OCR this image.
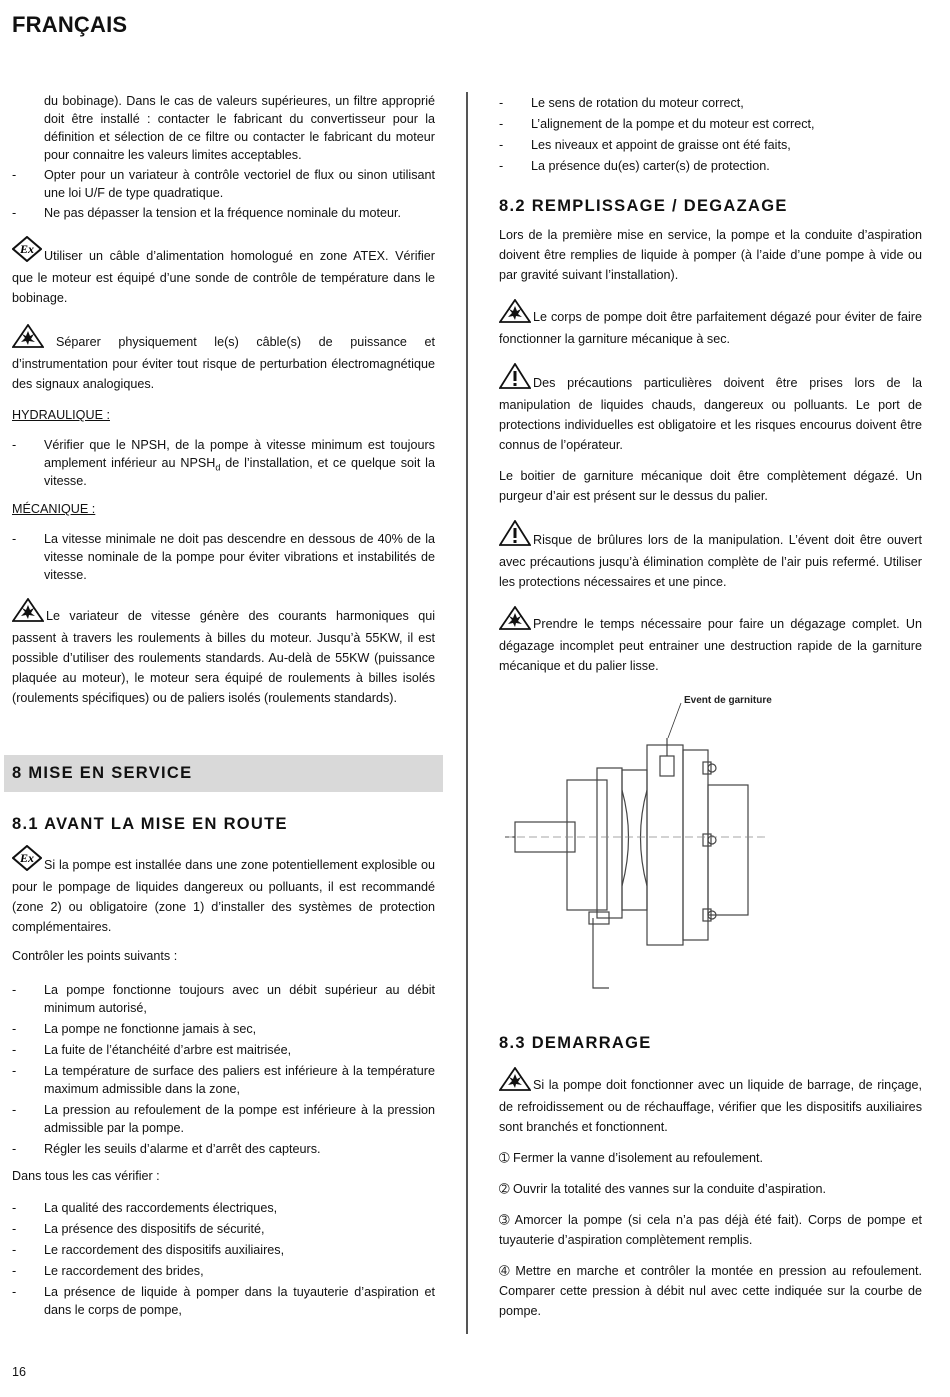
FRANÇAIS

du bobinage). Dans le cas de valeurs supérieures, un filtre approprié doit être installé : contacter le fabricant du convertisseur pour la définition et sélection de ce filtre ou contacter le fabricant du moteur pour connaitre les valeurs limites acceptables.

-	Opter pour un variateur à contrôle vectoriel de flux ou sinon utilisant une loi U/F de type quadratique.
-	Ne pas dépasser la tension et la fréquence nominale du moteur.

Ex Utiliser un câble d’alimentation homologué en zone ATEX. Vérifier que le moteur est équipé d’une sonde de contrôle de température dans le bobinage.

Séparer physiquement le(s) câble(s) de puissance et d’instrumentation pour éviter tout risque de perturbation électromagnétique des signaux analogiques.

HYDRAULIQUE :

-	Vérifier que le NPSH, de la pompe à vitesse minimum est toujours amplement inférieur au $NPSH_d$ de l’installation, et ce quelque soit la vitesse.

MÉCANIQUE :

-	La vitesse minimale ne doit pas descendre en dessous de 40% de la vitesse nominale de la pompe pour éviter vibrations et instabilités de vitesse.

Le variateur de vitesse génère des courants harmoniques qui passent à travers les roulements à billes du moteur. Jusqu’à 55KW, il est possible d’utiliser des roulements standards. Au-delà de 55KW (puissance plaquée au moteur), le moteur sera équipé de roulements à billes isolés (roulements spécifiques) ou de paliers isolés (roulements standards).

8 MISE EN SERVICE
8.1 AVANT LA MISE EN ROUTE

Ex Si la pompe est installée dans une zone potentiellement explosible ou pour le pompage de liquides dangereux ou polluants, il est recommandé (zone 2) ou obligatoire (zone 1) d’installer des systèmes de protection complémentaires.

Contrôler les points suivants :

-	La pompe fonctionne toujours avec un débit supérieur au débit minimum autorisé,
-	La pompe ne fonctionne jamais à sec,
-	La fuite de l’étanchéité d’arbre est maitrisée,
-	La température de surface des paliers est inférieure à la température maximum admissible dans la zone,
-	La pression au refoulement de la pompe est inférieure à la pression admissible par la pompe.
-	Régler les seuils d’alarme et d’arrêt des capteurs.

Dans tous les cas vérifier :

-	La qualité des raccordements électriques,
-	La présence des dispositifs de sécurité,
-	Le raccordement des dispositifs auxiliaires,
-	Le raccordement des brides,
-	La présence de liquide à pomper dans la tuyauterie d’aspiration et dans le corps de pompe,
-	Le sens de rotation du moteur correct,
-	L’alignement de la pompe et du moteur est correct,
-	Les niveaux et appoint de graisse ont été faits,
-	La présence du(es) carter(s) de protection.
8.2 REMPLISSAGE / DEGAZAGE

Lors de la première mise en service, la pompe et la conduite d’aspiration doivent être remplies de liquide à pomper (à l’aide d’une pompe à vide ou par gravité suivant l’installation).

Le corps de pompe doit être parfaitement dégazé pour éviter de faire fonctionner la garniture mécanique à sec.

Des précautions particulières doivent être prises lors de la manipulation de liquides chauds, dangereux ou polluants. Le port de protections individuelles est obligatoire et les risques encourus doivent être connus de l’opérateur.

Le boitier de garniture mécanique doit être complètement dégazé. Un purgeur d’air est présent sur le dessus du palier.

Risque de brûlures lors de la manipulation. L’évent doit être ouvert avec précautions jusqu’à élimination complète de l’air puis refermé. Utiliser les protections nécessaires et une pince.

Prendre le temps nécessaire pour faire un dégazage complet. Un dégazage incomplet peut entrainer une destruction rapide de la garniture mécanique et du palier lisse.

Event de garniture
8.3 DEMARRAGE

Si la pompe doit fonctionner avec un liquide de barrage, de rinçage, de refroidissement ou de réchauffage, vérifier que les dispositifs auxiliaires sont branchés et fonctionnent.

➀ Fermer la vanne d’isolement au refoulement.

➁ Ouvrir la totalité des vannes sur la conduite d’aspiration.

➂ Amorcer la pompe (si cela n’a pas déjà été fait). Corps de pompe et tuyauterie d’aspiration complètement remplis.

➃ Mettre en marche et contrôler la montée en pression au refoulement. Comparer cette pression à débit nul avec cette indiquée sur la courbe de pompe.

16
